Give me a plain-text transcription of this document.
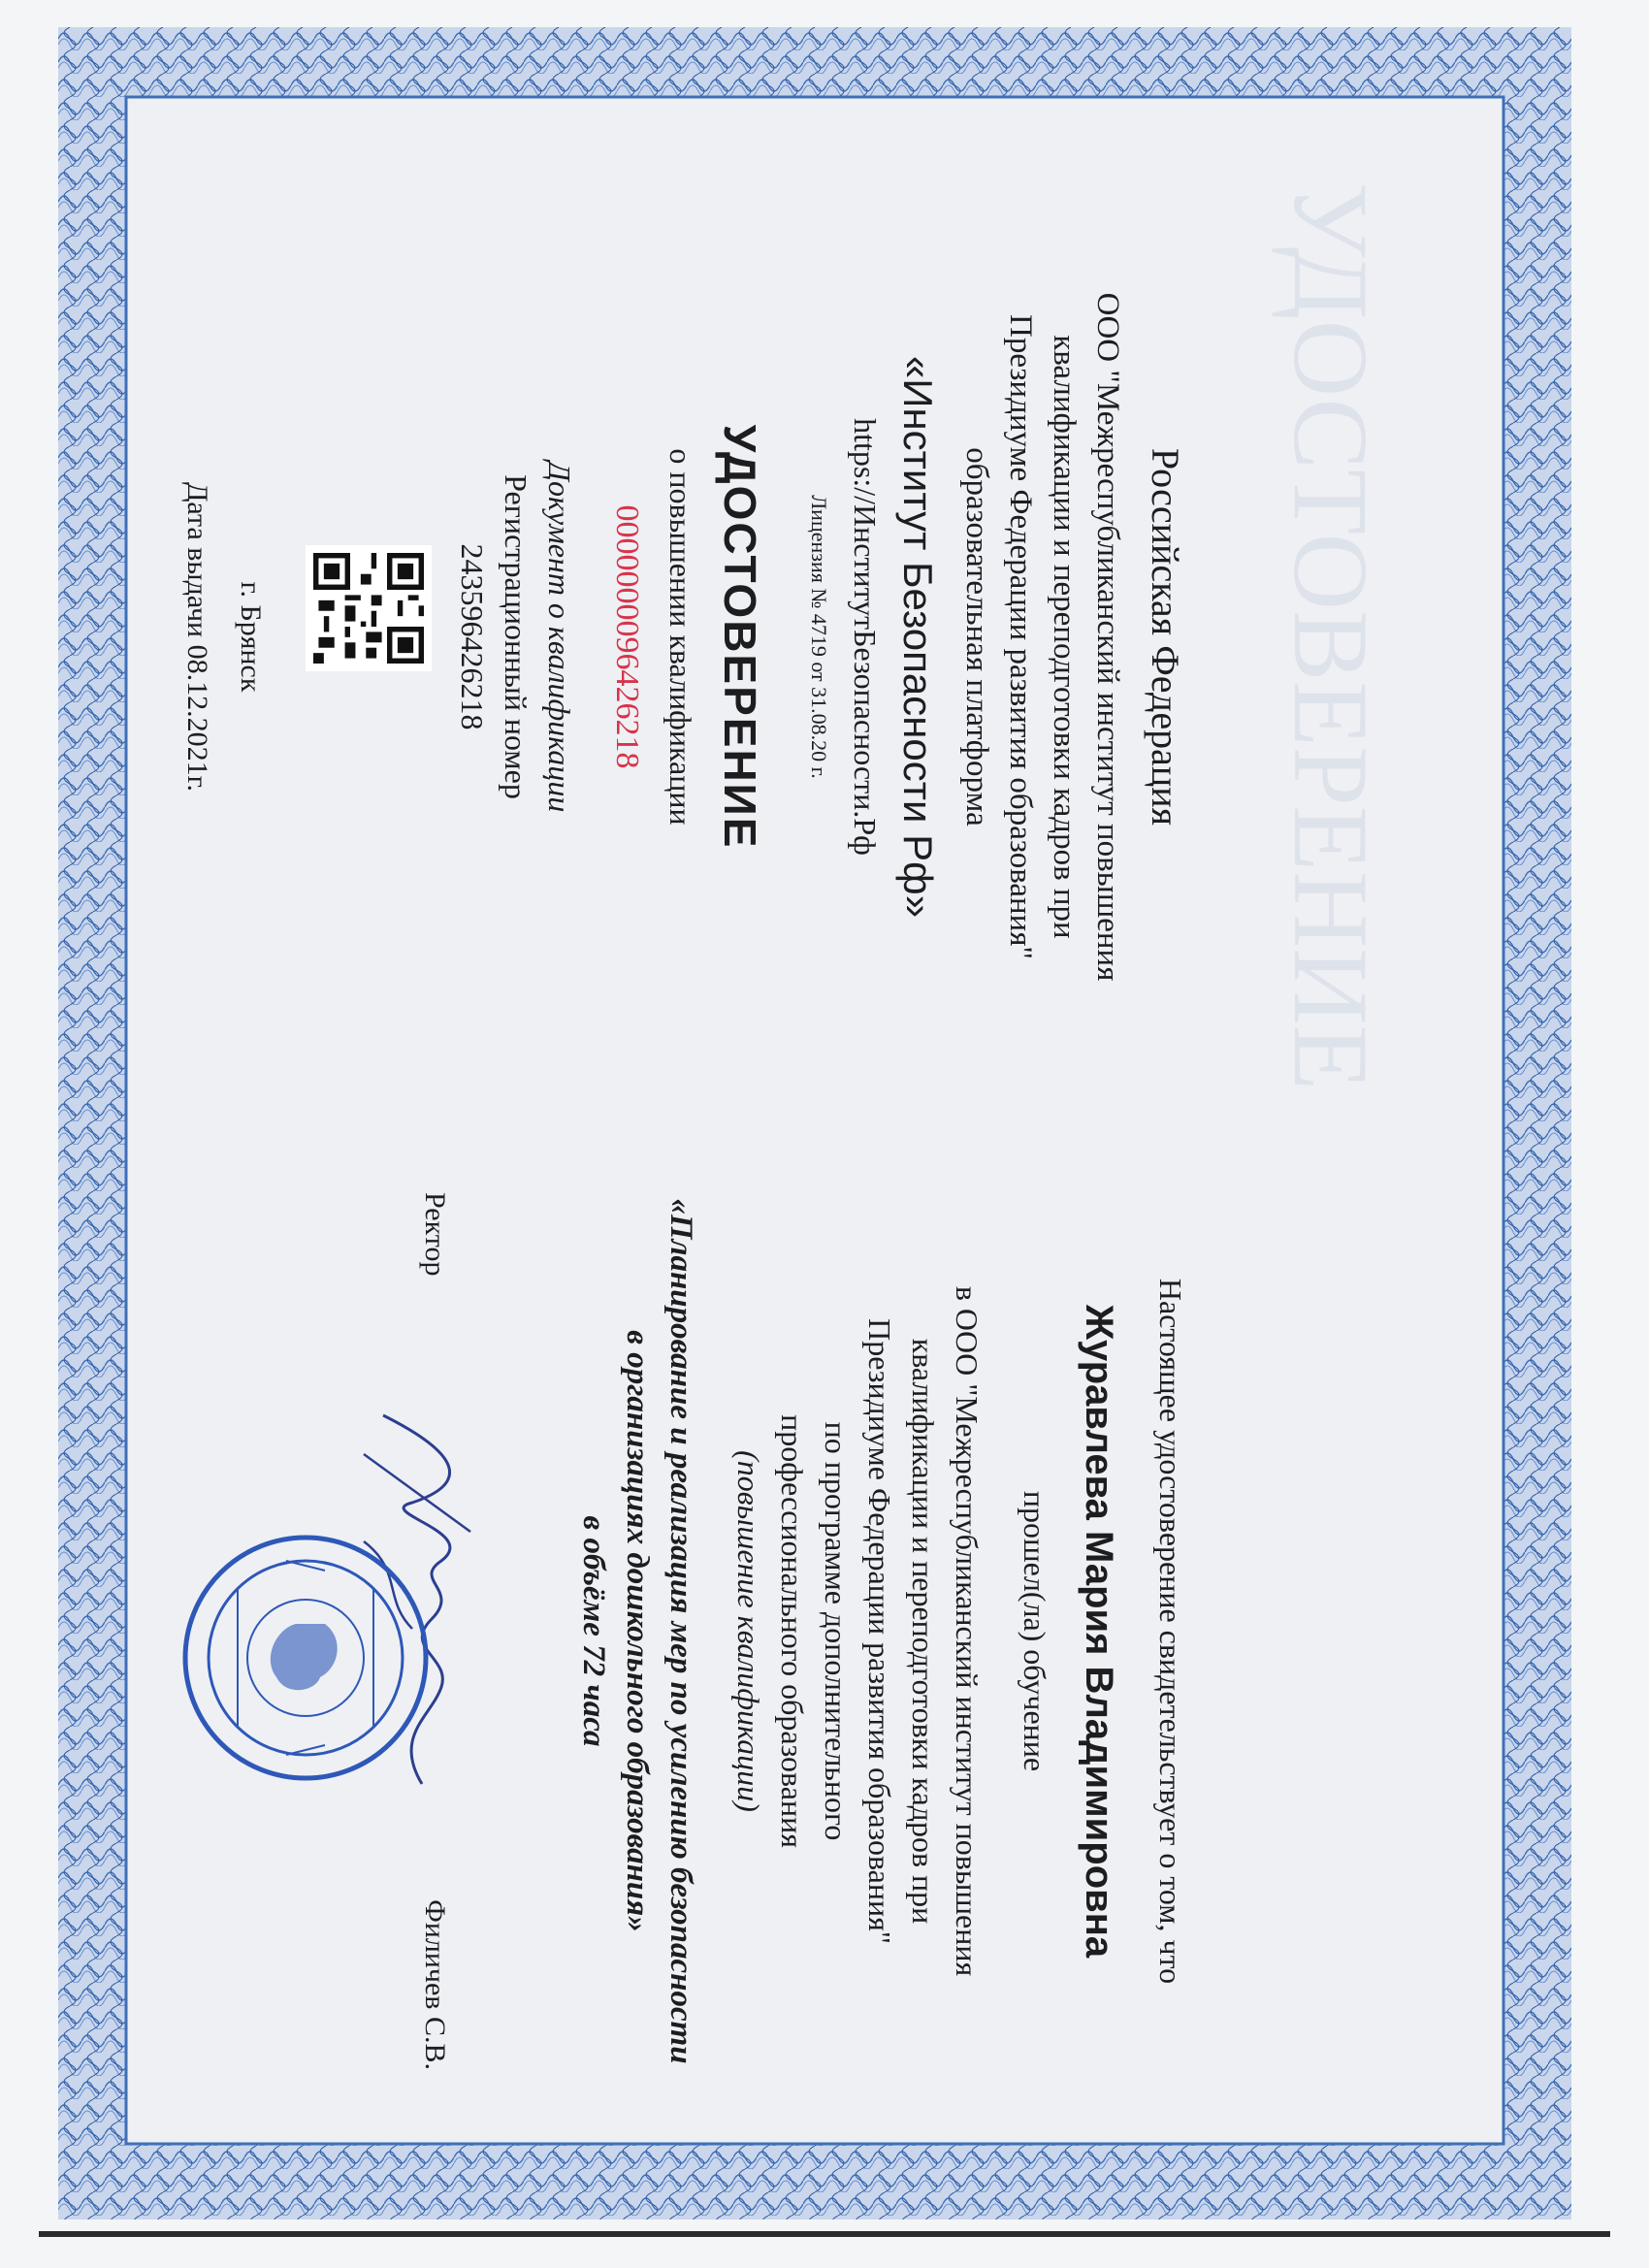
УДОСТОВЕРЕНИЕ
Российская Федерация
ООО "Межреспубликанский институт повышения
квалификации и переподготовки кадров при
Президиуме Федерации развития образования"
образовательная платформа
«Институт Безопасности Рф»
https://ИнститутБезопасности.Рф
Лицензия № 4719 от 31.08.20 г.
УДОСТОВЕРЕНИЕ
о повышении квалификации
000000009642621​8
Документ о квалификации
Регистрационный номер
243596426218
г. Брянск
Дата выдачи 08.12.2021г.
Настоящее удостоверение свидетельствует о том, что
Журавлева Мария Владимировна
прошел(ла) обучение
в ООО "Межреспубликанский институт повышения
квалификации и переподготовки кадров при
Президиуме Федерации развития образования"
по программе дополнительного
профессионального образования
(повышение квалификации)
«Планирование и реализация мер по усилению безопасности
в организациях дошкольного образования»
в объёме 72 часа
Ректор
Филичев С.В.
